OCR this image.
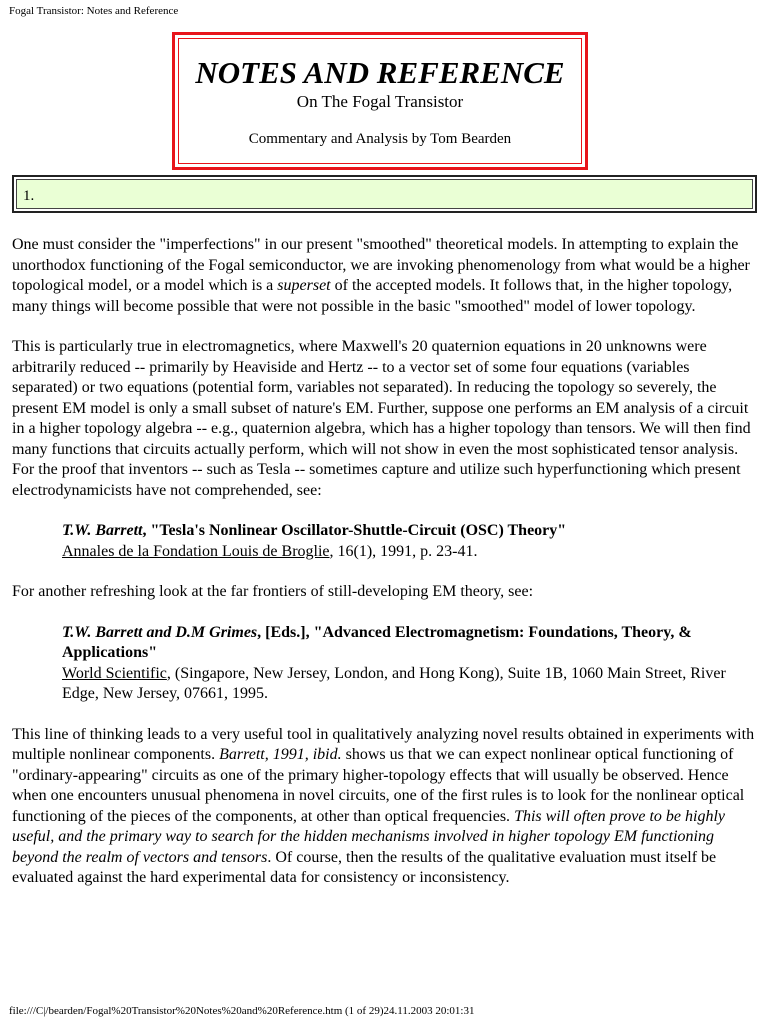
Fogal Transistor: Notes and Reference
NOTES AND REFERENCE
On The Fogal Transistor
Commentary and Analysis by Tom Bearden
1.

One must consider the "imperfections" in our present "smoothed" theoretical models. In attempting to explain the unorthodox functioning of the Fogal semiconductor, we are invoking phenomenology from what would be a higher topological model, or a model which is a superset of the accepted models. It follows that, in the higher topology, many things will become possible that were not possible in the basic "smoothed" model of lower topology.

This is particularly true in electromagnetics, where Maxwell's 20 quaternion equations in 20 unknowns were arbitrarily reduced -- primarily by Heaviside and Hertz -- to a vector set of some four equations (variables separated) or two equations (potential form, variables not separated). In reducing the topology so severely, the present EM model is only a small subset of nature's EM. Further, suppose one performs an EM analysis of a circuit in a higher topology algebra -- e.g., quaternion algebra, which has a higher topology than tensors. We will then find many functions that circuits actually perform, which will not show in even the most sophisticated tensor analysis. For the proof that inventors -- such as Tesla -- sometimes capture and utilize such hyperfunctioning which present electrodynamicists have not comprehended, see:

T.W. Barrett, "Tesla's Nonlinear Oscillator-Shuttle-Circuit (OSC) Theory"
Annales de la Fondation Louis de Broglie, 16(1), 1991, p. 23-41.

For another refreshing look at the far frontiers of still-developing EM theory, see:

T.W. Barrett and D.M Grimes, [Eds.], "Advanced Electromagnetism: Foundations, Theory, & Applications"
World Scientific, (Singapore, New Jersey, London, and Hong Kong), Suite 1B, 1060 Main Street, River Edge, New Jersey, 07661, 1995.

This line of thinking leads to a very useful tool in qualitatively analyzing novel results obtained in experiments with multiple nonlinear components. Barrett, 1991, ibid. shows us that we can expect nonlinear optical functioning of "ordinary-appearing" circuits as one of the primary higher-topology effects that will usually be observed. Hence when one encounters unusual phenomena in novel circuits, one of the first rules is to look for the nonlinear optical functioning of the pieces of the components, at other than optical frequencies. This will often prove to be highly useful, and the primary way to search for the hidden mechanisms involved in higher topology EM functioning beyond the realm of vectors and tensors. Of course, then the results of the qualitative evaluation must itself be evaluated against the hard experimental data for consistency or inconsistency.

file:///C|/bearden/Fogal%20Transistor%20Notes%20and%20Reference.htm (1 of 29)24.11.2003 20:01:31
